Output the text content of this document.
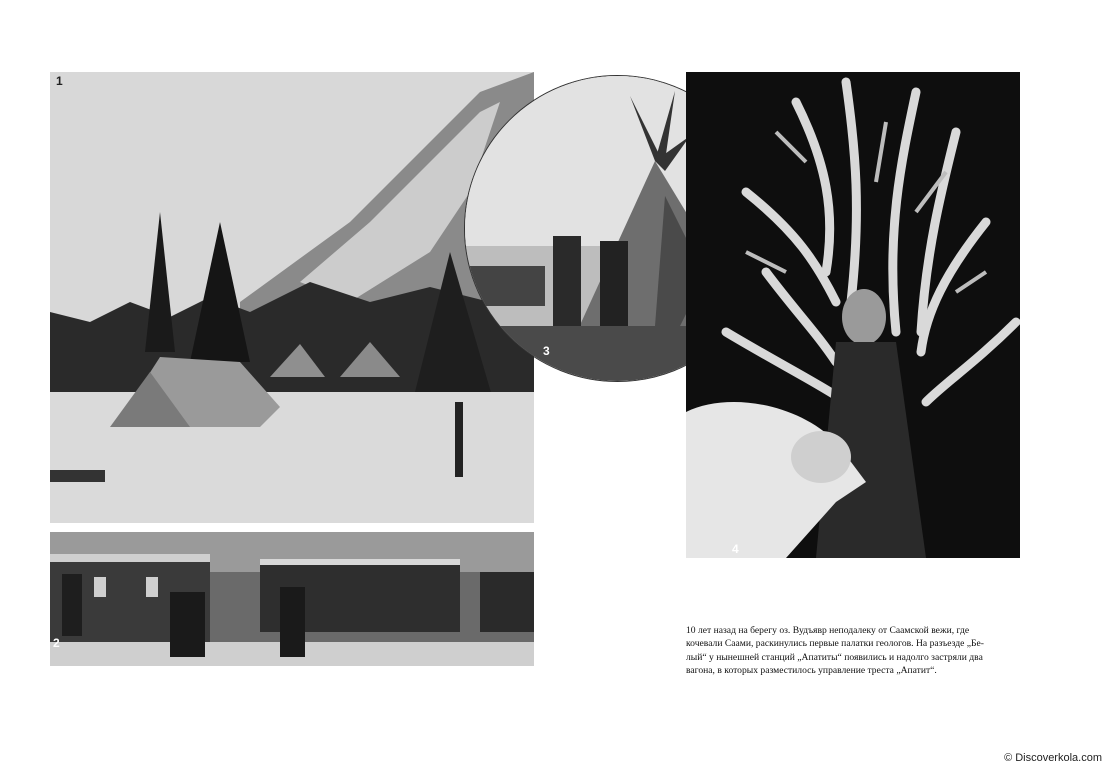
1
2
3
4
10 лет назад на берегу оз. Вудъявр неподалеку от Саамской вежи, где
кочевали Саами, раскинулись первые палатки геологов. На разъезде „Бе-
лый“ у нынешней станций „Апатиты“ появились и надолго застряли два
вагона, в которых разместилось управление треста „Апатит“.
© Discoverkola.com
